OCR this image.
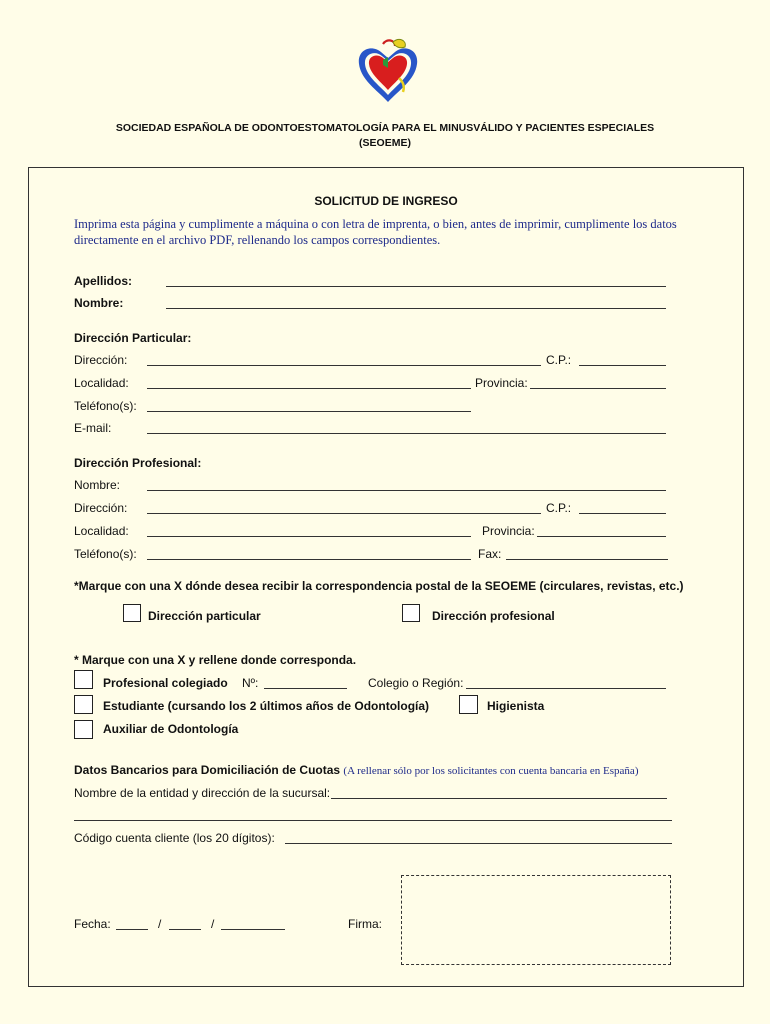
SOCIEDAD ESPAÑOLA DE ODONTOESTOMATOLOGÍA PARA EL MINUSVÁLIDO Y PACIENTES ESPECIALES
(SEOEME)
SOLICITUD DE INGRESO
Imprima esta página y cumplimente a máquina o con letra de imprenta, o bien, antes de imprimir, cumplimente los datos directamente en el archivo PDF, rellenando los campos correspondientes.
Apellidos:
Nombre:
Dirección Particular:
Dirección:	C.P.:
Localidad:	Provincia:
Teléfono(s):
E-mail:
Dirección Profesional:
Nombre:
Dirección:	C.P.:
Localidad:	Provincia:
Teléfono(s):	Fax:
*Marque con una X dónde desea recibir la correspondencia postal de la SEOEME (circulares, revistas, etc.)
Dirección particular	Dirección profesional
* Marque con una X y rellene donde corresponda.
Profesional colegiado Nº:	Colegio o Región:
Estudiante (cursando los 2 últimos años de Odontología)	Higienista
Auxiliar de Odontología
Datos Bancarios para Domiciliación de Cuotas (A rellenar sólo por los solicitantes con cuenta bancaria en España)
Nombre de la entidad y dirección de la sucursal:
Código cuenta cliente (los 20 dígitos):
Fecha:	/	/	Firma:
